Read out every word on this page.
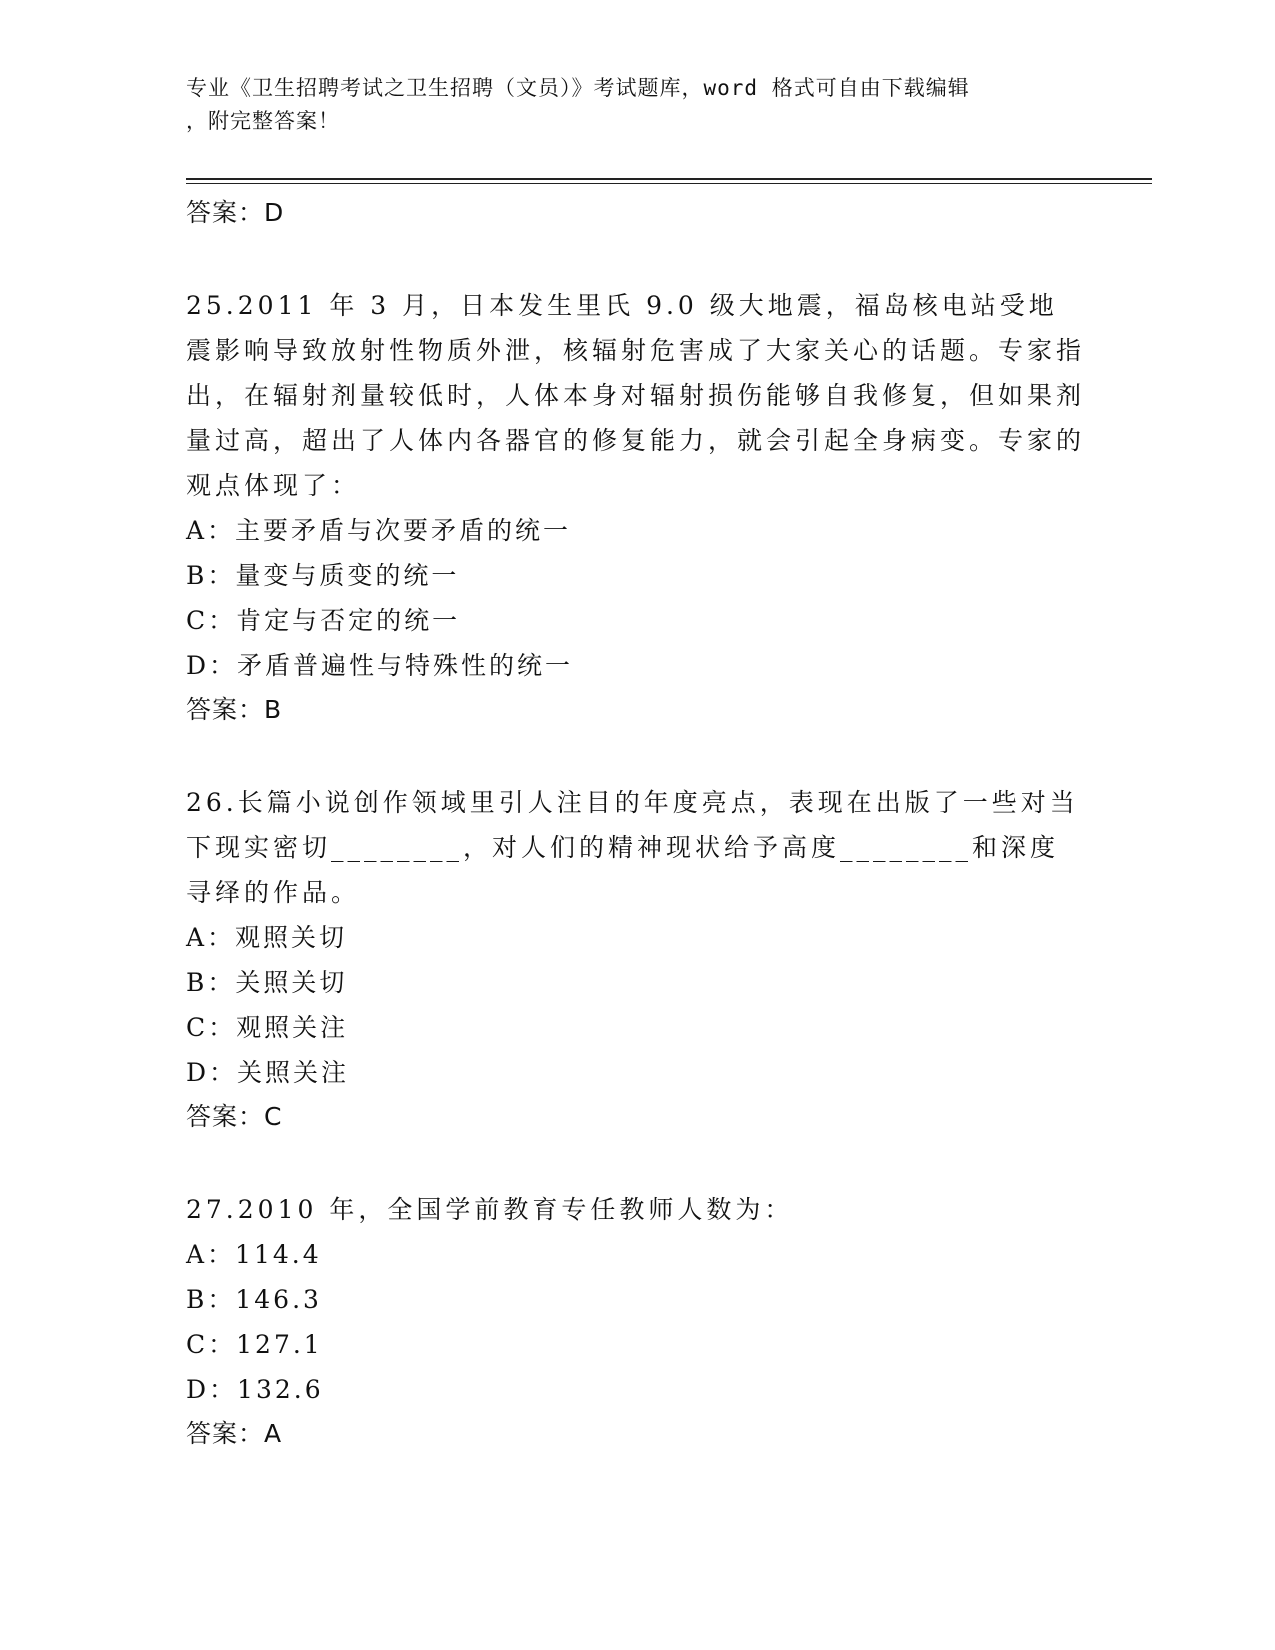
专业《卫生招聘考试之卫生招聘（文员）》考试题库，word 格式可自由下载编辑
，附完整答案！
答案：D
25.2011 年 3 月，日本发生里氏 9.0 级大地震，福岛核电站受地震影响导致放射性物质外泄，核辐射危害成了大家关心的话题。专家指出，在辐射剂量较低时，人体本身对辐射损伤能够自我修复，但如果剂量过高，超出了人体内各器官的修复能力，就会引起全身病变。专家的观点体现了：
A：主要矛盾与次要矛盾的统一
B：量变与质变的统一
C：肯定与否定的统一
D：矛盾普遍性与特殊性的统一
答案：B
26.长篇小说创作领域里引人注目的年度亮点，表现在出版了一些对当下现实密切________，对人们的精神现状给予高度________和深度寻绎的作品。
A：观照关切
B：关照关切
C：观照关注
D：关照关注
答案：C
27.2010 年，全国学前教育专任教师人数为：
A：114.4
B：146.3
C：127.1
D：132.6
答案：A
